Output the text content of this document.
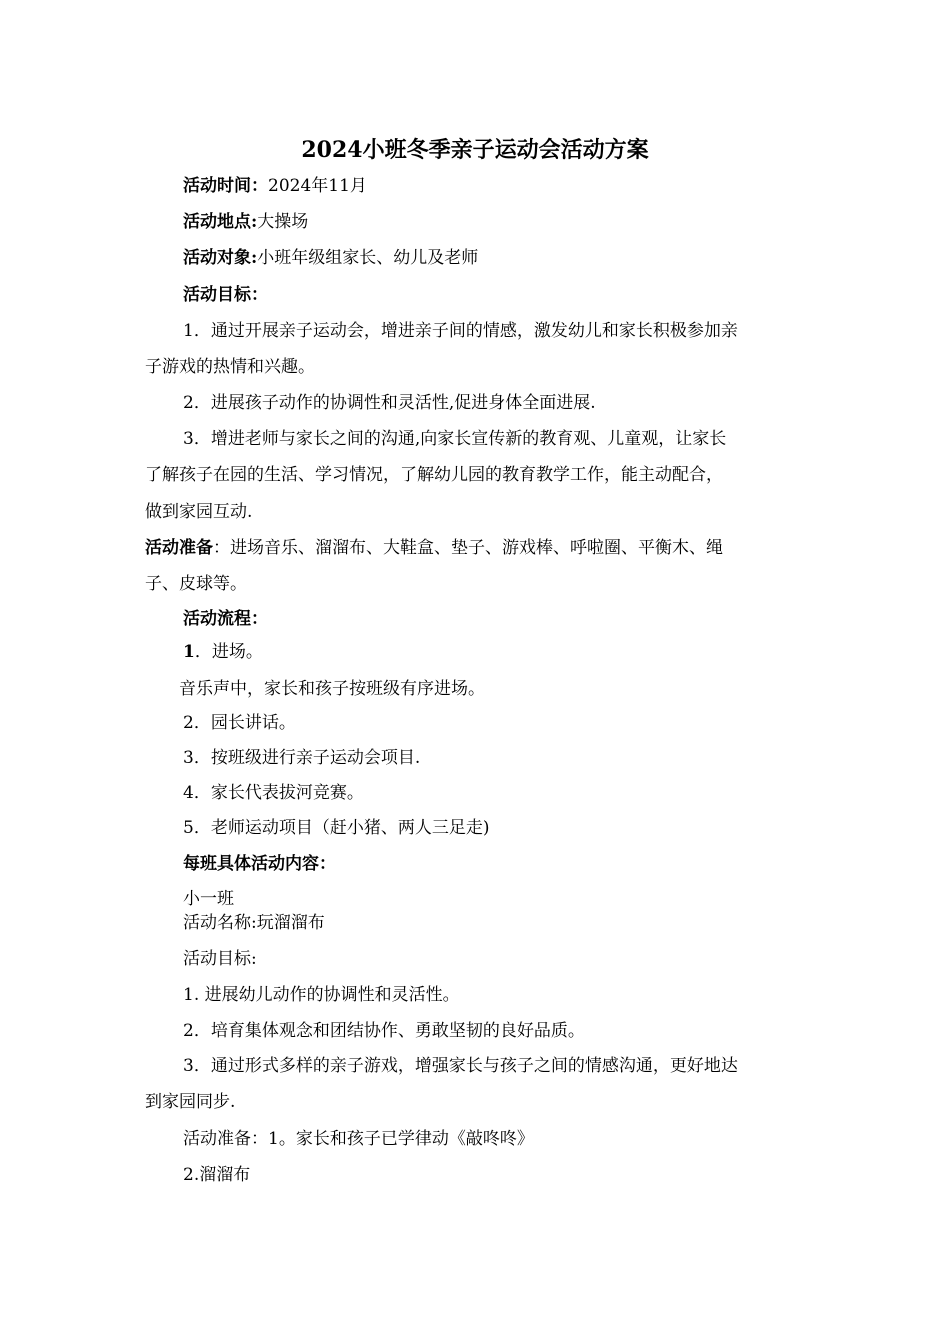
2024小班冬季亲子运动会活动方案

活动时间：2024年11月

活动地点:大操场

活动对象:小班年级组家长、幼儿及老师

活动目标：

1．通过开展亲子运动会，增进亲子间的情感，激发幼儿和家长积极参加亲

子游戏的热情和兴趣。

2．进展孩子动作的协调性和灵活性,促进身体全面进展.

3．增进老师与家长之间的沟通,向家长宣传新的教育观、儿童观，让家长

了解孩子在园的生活、学习情况，了解幼儿园的教育教学工作，能主动配合，

做到家园互动.

活动准备：进场音乐、溜溜布、大鞋盒、垫子、游戏棒、呼啦圈、平衡木、绳

子、皮球等。

活动流程：

1．进场。

音乐声中，家长和孩子按班级有序进场。

2．园长讲话。

3．按班级进行亲子运动会项目.

4．家长代表拔河竞赛。

5．老师运动项目（赶小猪、两人三足走)

每班具体活动内容：

小一班

活动名称:玩溜溜布

活动目标:

1. 进展幼儿动作的协调性和灵活性。

2．培育集体观念和团结协作、勇敢坚韧的良好品质。

3．通过形式多样的亲子游戏，增强家长与孩子之间的情感沟通，更好地达

到家园同步.

活动准备：1。家长和孩子已学律动《敲咚咚》

2.溜溜布
